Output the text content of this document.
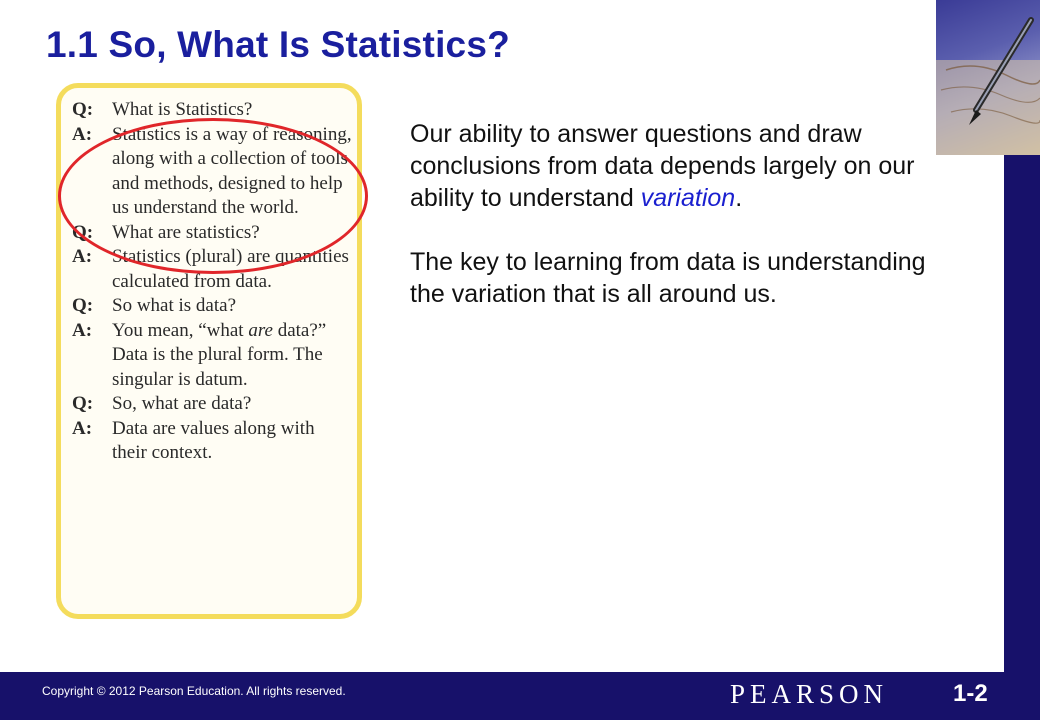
1.1 So, What Is Statistics?
Q: What is Statistics?
A:	Statistics is a way of reasoning, along with a collection of tools and methods, designed to help us understand the world.
Q: What are statistics?
A:	Statistics (plural) are quantities calculated from data.
Q: So what is data?
A:	You mean, “what are data?” Data is the plural form. The singular is datum.
Q: So, what are data?
A:	Data are values along with their context.

Our ability to answer questions and draw conclusions from data depends largely on our ability to understand variation.

The key to learning from data is understanding the variation that is all around us.

Copyright © 2012 Pearson Education. All rights reserved.	PEARSON	1-2
